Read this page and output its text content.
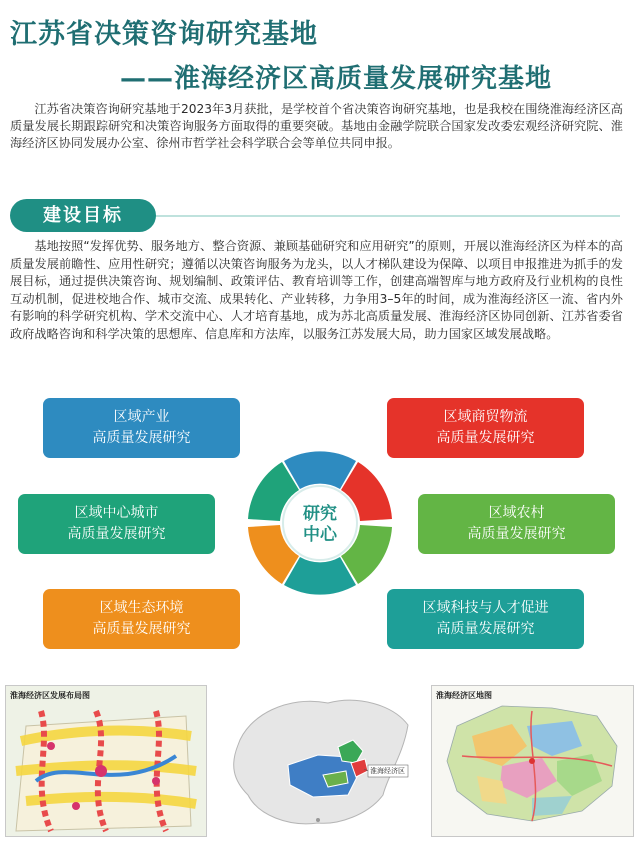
江苏省决策咨询研究基地
——淮海经济区高质量发展研究基地

江苏省决策咨询研究基地于2023年3月获批，是学校首个省决策咨询研究基地，也是我校在围绕淮海经济区高质量发展长期跟踪研究和决策咨询服务方面取得的重要突破。基地由金融学院联合国家发改委宏观经济研究院、淮海经济区协同发展办公室、徐州市哲学社会科学联合会等单位共同申报。

建设目标

基地按照“发挥优势、服务地方、整合资源、兼顾基础研究和应用研究”的原则，开展以淮海经济区为样本的高质量发展前瞻性、应用性研究；遵循以决策咨询服务为龙头，以人才梯队建设为保障、以项目申报推进为抓手的发展目标，通过提供决策咨询、规划编制、政策评估、教育培训等工作，创建高端智库与地方政府及行业机构的良性互动机制，促进校地合作、城市交流、成果转化、产业转移，力争用3–5年的时间，成为淮海经济区一流、省内外有影响的科学研究机构、学术交流中心、人才培育基地，成为苏北高质量发展、淮海经济区协同创新、江苏省委省政府战略咨询和科学决策的思想库、信息库和方法库，以服务江苏发展大局，助力国家区域发展战略。

区域产业
高质量发展研究
区域商贸物流
高质量发展研究
区域中心城市
高质量发展研究
区域农村
高质量发展研究
区域生态环境
高质量发展研究
区域科技与人才促进
高质量发展研究
研究
中心
淮海经济区发展布局图
淮海经济区
淮海经济区地图
